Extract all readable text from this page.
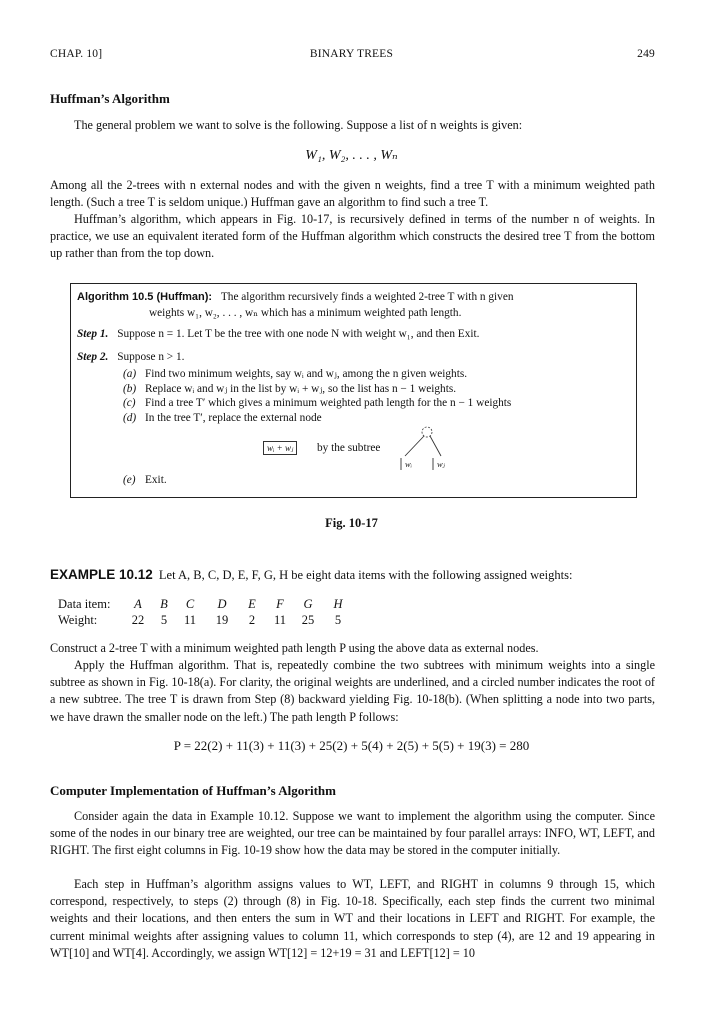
CHAP. 10]	BINARY TREES	249
Huffman’s Algorithm
The general problem we want to solve is the following. Suppose a list of n weights is given:
W₁, W₂, . . . , Wₙ
Among all the 2-trees with n external nodes and with the given n weights, find a tree T with a minimum weighted path length. (Such a tree T is seldom unique.) Huffman gave an algorithm to find such a tree T.
Huffman’s algorithm, which appears in Fig. 10-17, is recursively defined in terms of the number n of weights. In practice, we use an equivalent iterated form of the Huffman algorithm which constructs the desired tree T from the bottom up rather than from the top down.
Algorithm 10.5 (Huffman): The algorithm recursively finds a weighted 2-tree T with n given
weights w₁, w₂, . . . , wₙ which has a minimum weighted path length.
Step 1. Suppose n = 1. Let T be the tree with one node N with weight w₁, and then Exit.
Step 2. Suppose n > 1.
(a) Find two minimum weights, say wᵢ and wⱼ, among the n given weights.
(b) Replace wᵢ and wⱼ in the list by wᵢ + wⱼ, so the list has n − 1 weights.
(c) Find a tree T′ which gives a minimum weighted path length for the n − 1 weights
(d) In the tree T′, replace the external node
wᵢ + wⱼ	by the subtree
wᵢ	wⱼ
(e) Exit.
Fig. 10-17
EXAMPLE 10.12 Let A, B, C, D, E, F, G, H be eight data items with the following assigned weights:
Data item:	A	B	C	D	E	F	G	H
Weight:	22	5	11	19	2	11	25	5
Construct a 2-tree T with a minimum weighted path length P using the above data as external nodes.
Apply the Huffman algorithm. That is, repeatedly combine the two subtrees with minimum weights into a single subtree as shown in Fig. 10-18(a). For clarity, the original weights are underlined, and a circled number indicates the root of a new subtree. The tree T is drawn from Step (8) backward yielding Fig. 10-18(b). (When splitting a node into two parts, we have drawn the smaller node on the left.) The path length P follows:
P = 22(2) + 11(3) + 11(3) + 25(2) + 5(4) + 2(5) + 5(5) + 19(3) = 280
Computer Implementation of Huffman’s Algorithm
Consider again the data in Example 10.12. Suppose we want to implement the algorithm using the computer. Since some of the nodes in our binary tree are weighted, our tree can be maintained by four parallel arrays: INFO, WT, LEFT, and RIGHT. The first eight columns in Fig. 10-19 show how the data may be stored in the computer initially.
Each step in Huffman’s algorithm assigns values to WT, LEFT, and RIGHT in columns 9 through 15, which correspond, respectively, to steps (2) through (8) in Fig. 10-18. Specifically, each step finds the current two minimal weights and their locations, and then enters the sum in WT and their locations in LEFT and RIGHT. For example, the current minimal weights after assigning values to column 11, which corresponds to step (4), are 12 and 19 appearing in WT[10] and WT[4]. Accordingly, we assign WT[12] = 12+19 = 31 and LEFT[12] = 10
